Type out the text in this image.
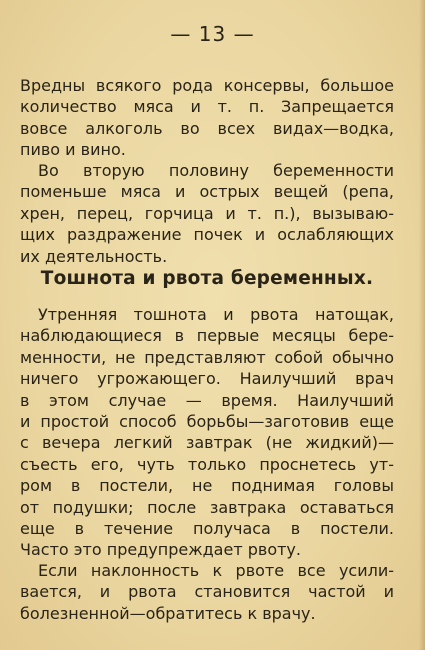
— 13 —
Вредны всякого рода консервы, большое
количество мяса и т. п. Запрещается
вовсе алкоголь во всех видах—водка,
пиво и вино.
Во вторую половину беременности
поменьше мяса и острых вещей (репа,
хрен, перец, горчица и т. п.), вызываю-
щих раздражение почек и ослабляющих
их деятельность.
Тошнота и рвота беременных.
Утренняя тошнота и рвота натощак,
наблюдающиеся в первые месяцы бере-
менности, не представляют собой обычно
ничего угрожающего. Наилучший врач
в этом случае — время. Наилучший
и простой способ борьбы—заготовив еще
с вечера легкий завтрак (не жидкий)—
съесть его, чуть только проснетесь ут-
ром в постели, не поднимая головы
от подушки; после завтрака оставаться
еще в течение получаса в постели.
Часто это предупреждает рвоту.
Если наклонность к рвоте все усили-
вается, и рвота становится частой и
болезненной—обратитесь к врачу.
